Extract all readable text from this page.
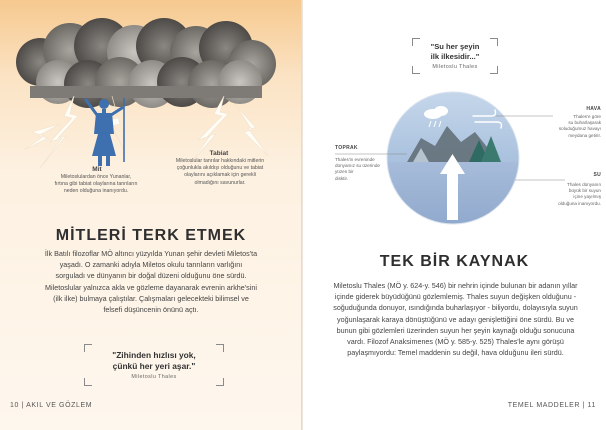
Mit
Miletoslulardan önce Yunanlar, fırtına gibi tabiat olaylarına tanrıların neden olduğuna inanıyordu.
Tabiat
Miletoslular tanrılar hakkındaki mitlerin çoğunlukla akıldışı olduğunu ve tabiat olaylarını açıklamak için gerekli olmadığını savunurlar.
MİTLERİ TERK ETMEK
İlk Batılı filozoflar MÖ altıncı yüzyılda Yunan şehir devleti Miletos'ta yaşadı. O zamanki adıyla Miletos okulu tanrıların varlığını sorguladı ve dünyanın bir doğal düzeni olduğunu öne sürdü. Miletoslular yalnızca akla ve gözleme dayanarak evrenin arkhe'sini (ilk ilke) bulmaya çalıştılar. Çalışmaları gelecekteki bilimsel ve felsefi düşüncenin önünü açtı.
"Zihinden hızlısı yok,
çünkü her yeri aşar."
Miletoslu Thales
10 | AKIL VE GÖZLEM
"Su her şeyin
ilk ilkesidir..."
Miletoslu Thales
HAVA
Thales'e göre
su buharlaşarak
soluduğumuz havayı
meydana getirir.
TOPRAK
Thales'in evreninde
dünyamız su üzerinde
yüzen bir
disktir.
SU
Thales dünyanın
büyük bir suyun
içine yayılmış
olduğuna inanıyordu.
TEK BİR KAYNAK
Miletoslu Thales (MÖ y. 624-y. 546) bir nehrin içinde bulunan bir adanın yıllar içinde giderek büyüdüğünü gözlemlemiş. Thales suyun değişken olduğunu - soğuduğunda donuyor, ısındığında buharlaşıyor - biliyordu, dolayısıyla suyun yoğunlaşarak karaya dönüştüğünü ve adayı genişlettiğini öne sürdü. Bu ve bunun gibi gözlemleri üzerinden suyun her şeyin kaynağı olduğu sonucuna vardı. Filozof Anaksimenes (MÖ y. 585-y. 525) Thales'le aynı görüşü paylaşmıyordu: Temel maddenin su değil, hava olduğunu ileri sürdü.
TEMEL MADDELER | 11
